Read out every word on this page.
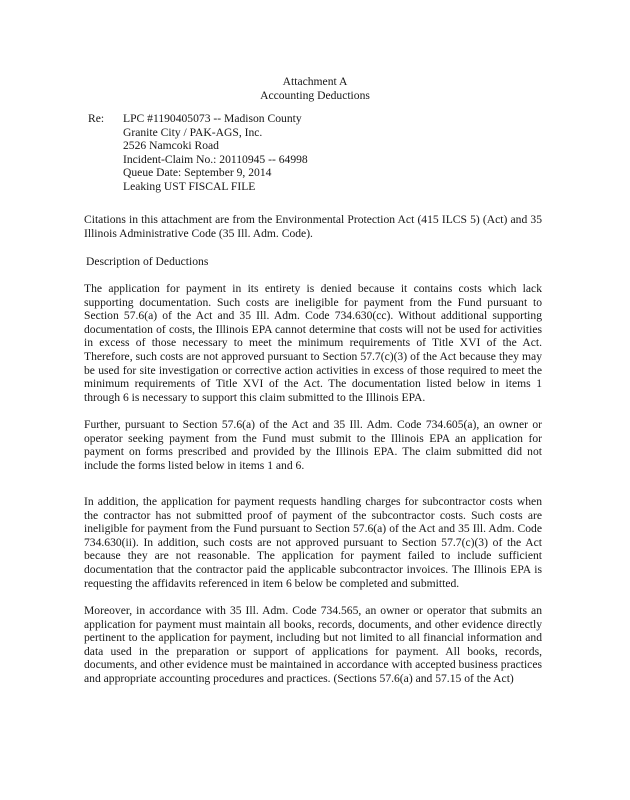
Attachment A
Accounting Deductions
Re: LPC #1190405073 -- Madison County
Granite City / PAK-AGS, Inc.
2526 Namcoki Road
Incident-Claim No.: 20110945 -- 64998
Queue Date: September 9, 2014
Leaking UST FISCAL FILE

Citations in this attachment are from the Environmental Protection Act (415 ILCS 5) (Act) and 35 Illinois Administrative Code (35 Ill. Adm. Code).

Description of Deductions

The application for payment in its entirety is denied because it contains costs which lack supporting documentation. Such costs are ineligible for payment from the Fund pursuant to Section 57.6(a) of the Act and 35 Ill. Adm. Code 734.630(cc). Without additional supporting documentation of costs, the Illinois EPA cannot determine that costs will not be used for activities in excess of those necessary to meet the minimum requirements of Title XVI of the Act. Therefore, such costs are not approved pursuant to Section 57.7(c)(3) of the Act because they may be used for site investigation or corrective action activities in excess of those required to meet the minimum requirements of Title XVI of the Act. The documentation listed below in items 1 through 6 is necessary to support this claim submitted to the Illinois EPA.

Further, pursuant to Section 57.6(a) of the Act and 35 Ill. Adm. Code 734.605(a), an owner or operator seeking payment from the Fund must submit to the Illinois EPA an application for payment on forms prescribed and provided by the Illinois EPA. The claim submitted did not include the forms listed below in items 1 and 6.

In addition, the application for payment requests handling charges for subcontractor costs when the contractor has not submitted proof of payment of the subcontractor costs. Such costs are ineligible for payment from the Fund pursuant to Section 57.6(a) of the Act and 35 Ill. Adm. Code 734.630(ii). In addition, such costs are not approved pursuant to Section 57.7(c)(3) of the Act because they are not reasonable. The application for payment failed to include sufficient documentation that the contractor paid the applicable subcontractor invoices. The Illinois EPA is requesting the affidavits referenced in item 6 below be completed and submitted.

Moreover, in accordance with 35 Ill. Adm. Code 734.565, an owner or operator that submits an application for payment must maintain all books, records, documents, and other evidence directly pertinent to the application for payment, including but not limited to all financial information and data used in the preparation or support of applications for payment. All books, records, documents, and other evidence must be maintained in accordance with accepted business practices and appropriate accounting procedures and practices. (Sections 57.6(a) and 57.15 of the Act)
